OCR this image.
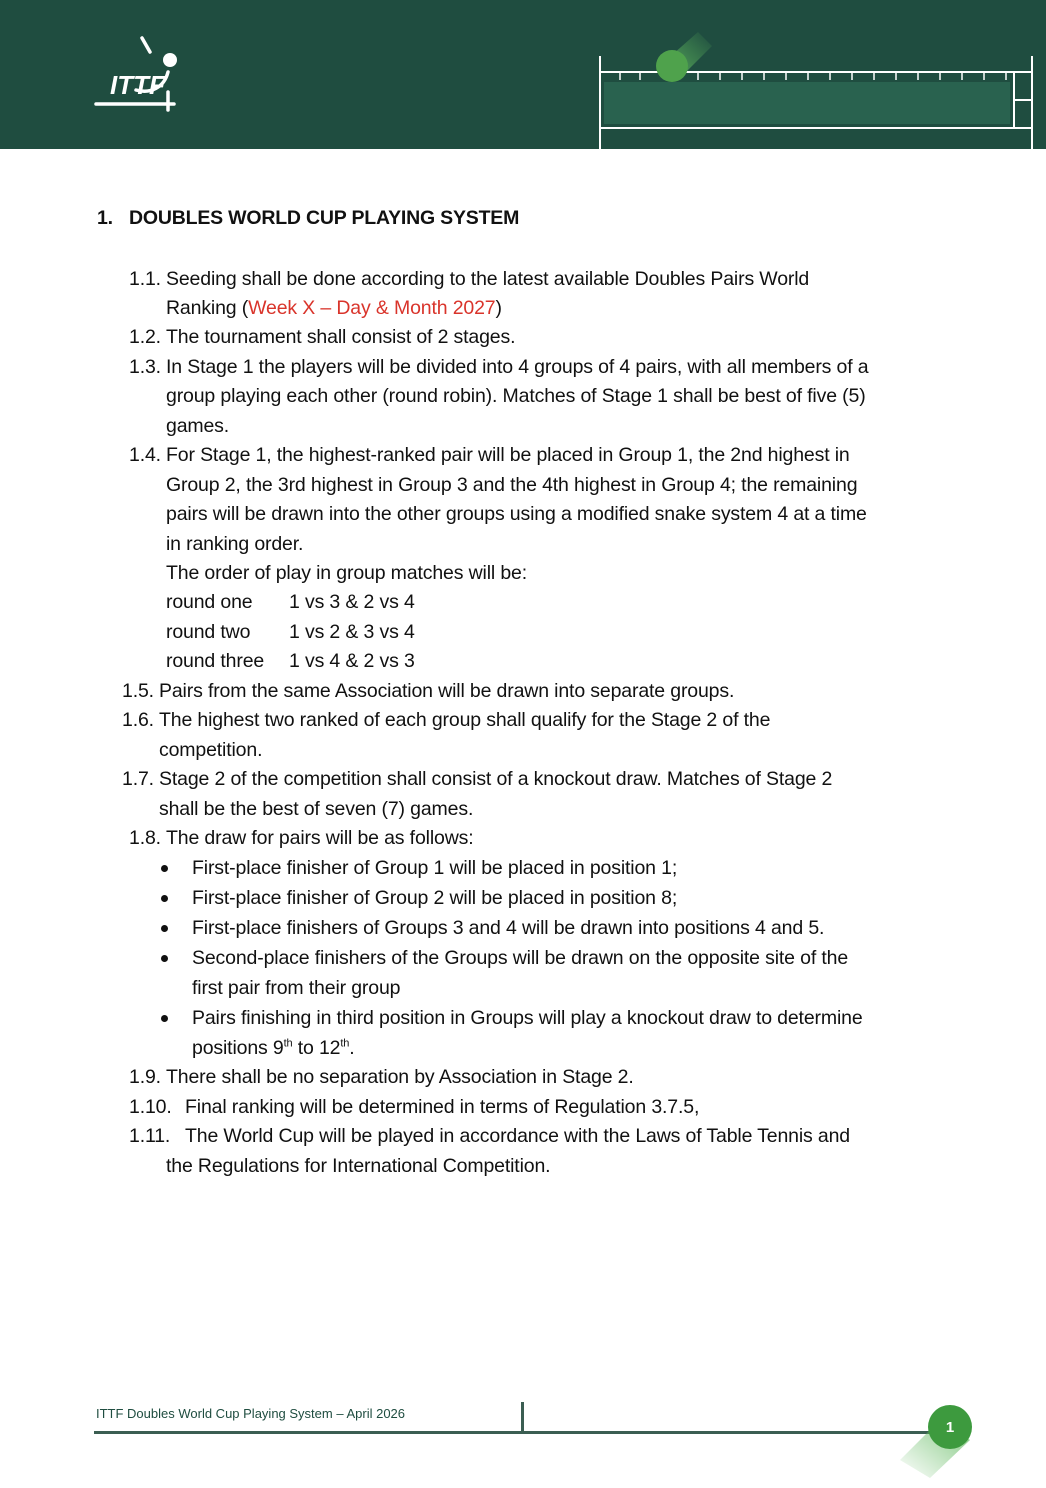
ITTF
1. DOUBLES WORLD CUP PLAYING SYSTEM
1.1. Seeding shall be done according to the latest available Doubles Pairs World
Ranking (Week X – Day & Month 2027)
1.2. The tournament shall consist of 2 stages.
1.3. In Stage 1 the players will be divided into 4 groups of 4 pairs, with all members of a
group playing each other (round robin). Matches of Stage 1 shall be best of five (5)
games.
1.4. For Stage 1, the highest-ranked pair will be placed in Group 1, the 2nd highest in
Group 2, the 3rd highest in Group 3 and the 4th highest in Group 4; the remaining
pairs will be drawn into the other groups using a modified snake system 4 at a time
in ranking order.
The order of play in group matches will be:
round one 1 vs 3 & 2 vs 4
round two 1 vs 2 & 3 vs 4
round three 1 vs 4 & 2 vs 3
1.5. Pairs from the same Association will be drawn into separate groups.
1.6. The highest two ranked of each group shall qualify for the Stage 2 of the
competition.
1.7. Stage 2 of the competition shall consist of a knockout draw. Matches of Stage 2
shall be the best of seven (7) games.
1.8. The draw for pairs will be as follows:
First-place finisher of Group 1 will be placed in position 1;
First-place finisher of Group 2 will be placed in position 8;
First-place finishers of Groups 3 and 4 will be drawn into positions 4 and 5.
Second-place finishers of the Groups will be drawn on the opposite site of the
first pair from their group
Pairs finishing in third position in Groups will play a knockout draw to determine
positions 9th to 12th.
1.9. There shall be no separation by Association in Stage 2.
1.10. Final ranking will be determined in terms of Regulation 3.7.5,
1.11. The World Cup will be played in accordance with the Laws of Table Tennis and
the Regulations for International Competition.
ITTF Doubles World Cup Playing System – April 2026
1
